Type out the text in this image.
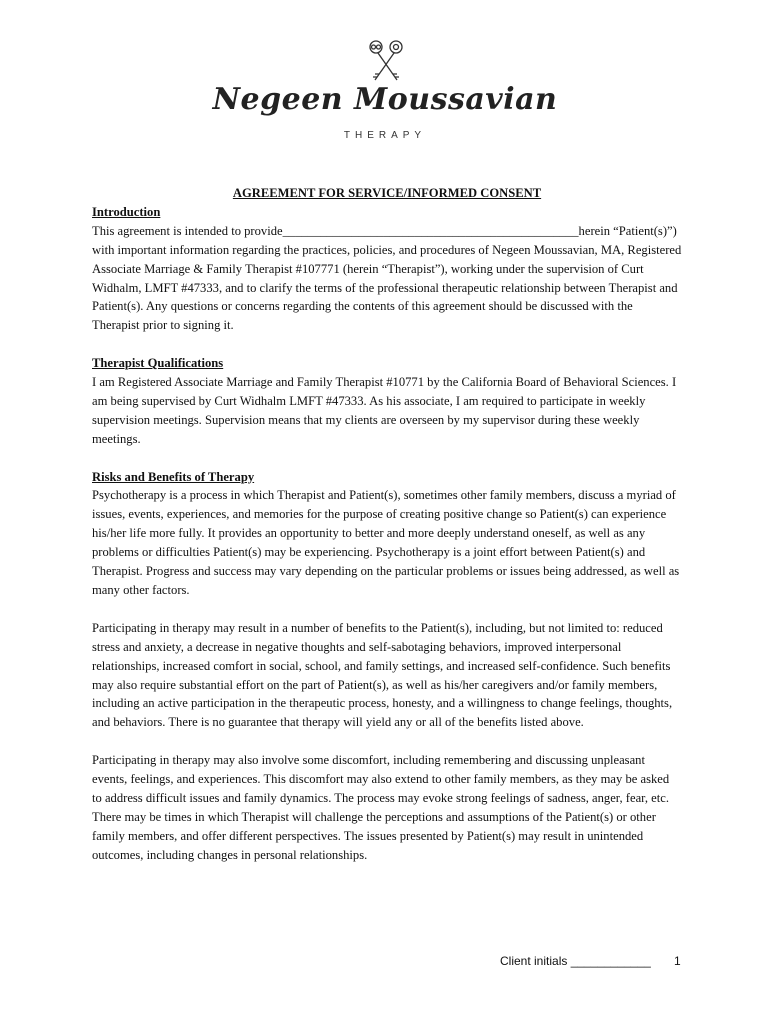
Negeen Moussavian
THERAPY

AGREEMENT FOR SERVICE/INFORMED CONSENT

Introduction

This agreement is intended to provide_______________________________________________herein “Patient(s)”) with important information regarding the practices, policies, and procedures of Negeen Moussavian, MA, Registered Associate Marriage & Family Therapist #107771 (herein “Therapist”), working under the supervision of Curt Widhalm, LMFT #47333, and to clarify the terms of the professional therapeutic relationship between Therapist and Patient(s). Any questions or concerns regarding the contents of this agreement should be discussed with the Therapist prior to signing it.

Therapist Qualifications

I am Registered Associate Marriage and Family Therapist #10771 by the California Board of Behavioral Sciences. I am being supervised by Curt Widhalm LMFT #47333. As his associate, I am required to participate in weekly supervision meetings. Supervision means that my clients are overseen by my supervisor during these weekly meetings.

Risks and Benefits of Therapy

Psychotherapy is a process in which Therapist and Patient(s), sometimes other family members, discuss a myriad of issues, events, experiences, and memories for the purpose of creating positive change so Patient(s) can experience his/her life more fully. It provides an opportunity to better and more deeply understand oneself, as well as any problems or difficulties Patient(s) may be experiencing. Psychotherapy is a joint effort between Patient(s) and Therapist. Progress and success may vary depending on the particular problems or issues being addressed, as well as many other factors.

Participating in therapy may result in a number of benefits to the Patient(s), including, but not limited to: reduced stress and anxiety, a decrease in negative thoughts and self-sabotaging behaviors, improved interpersonal relationships, increased comfort in social, school, and family settings, and increased self-confidence. Such benefits may also require substantial effort on the part of Patient(s), as well as his/her caregivers and/or family members, including an active participation in the therapeutic process, honesty, and a willingness to change feelings, thoughts, and behaviors. There is no guarantee that therapy will yield any or all of the benefits listed above.

Participating in therapy may also involve some discomfort, including remembering and discussing unpleasant events, feelings, and experiences. This discomfort may also extend to other family members, as they may be asked to address difficult issues and family dynamics. The process may evoke strong feelings of sadness, anger, fear, etc. There may be times in which Therapist will challenge the perceptions and assumptions of the Patient(s) or other family members, and offer different perspectives. The issues presented by Patient(s) may result in unintended outcomes, including changes in personal relationships.

Client initials ____________ 1
